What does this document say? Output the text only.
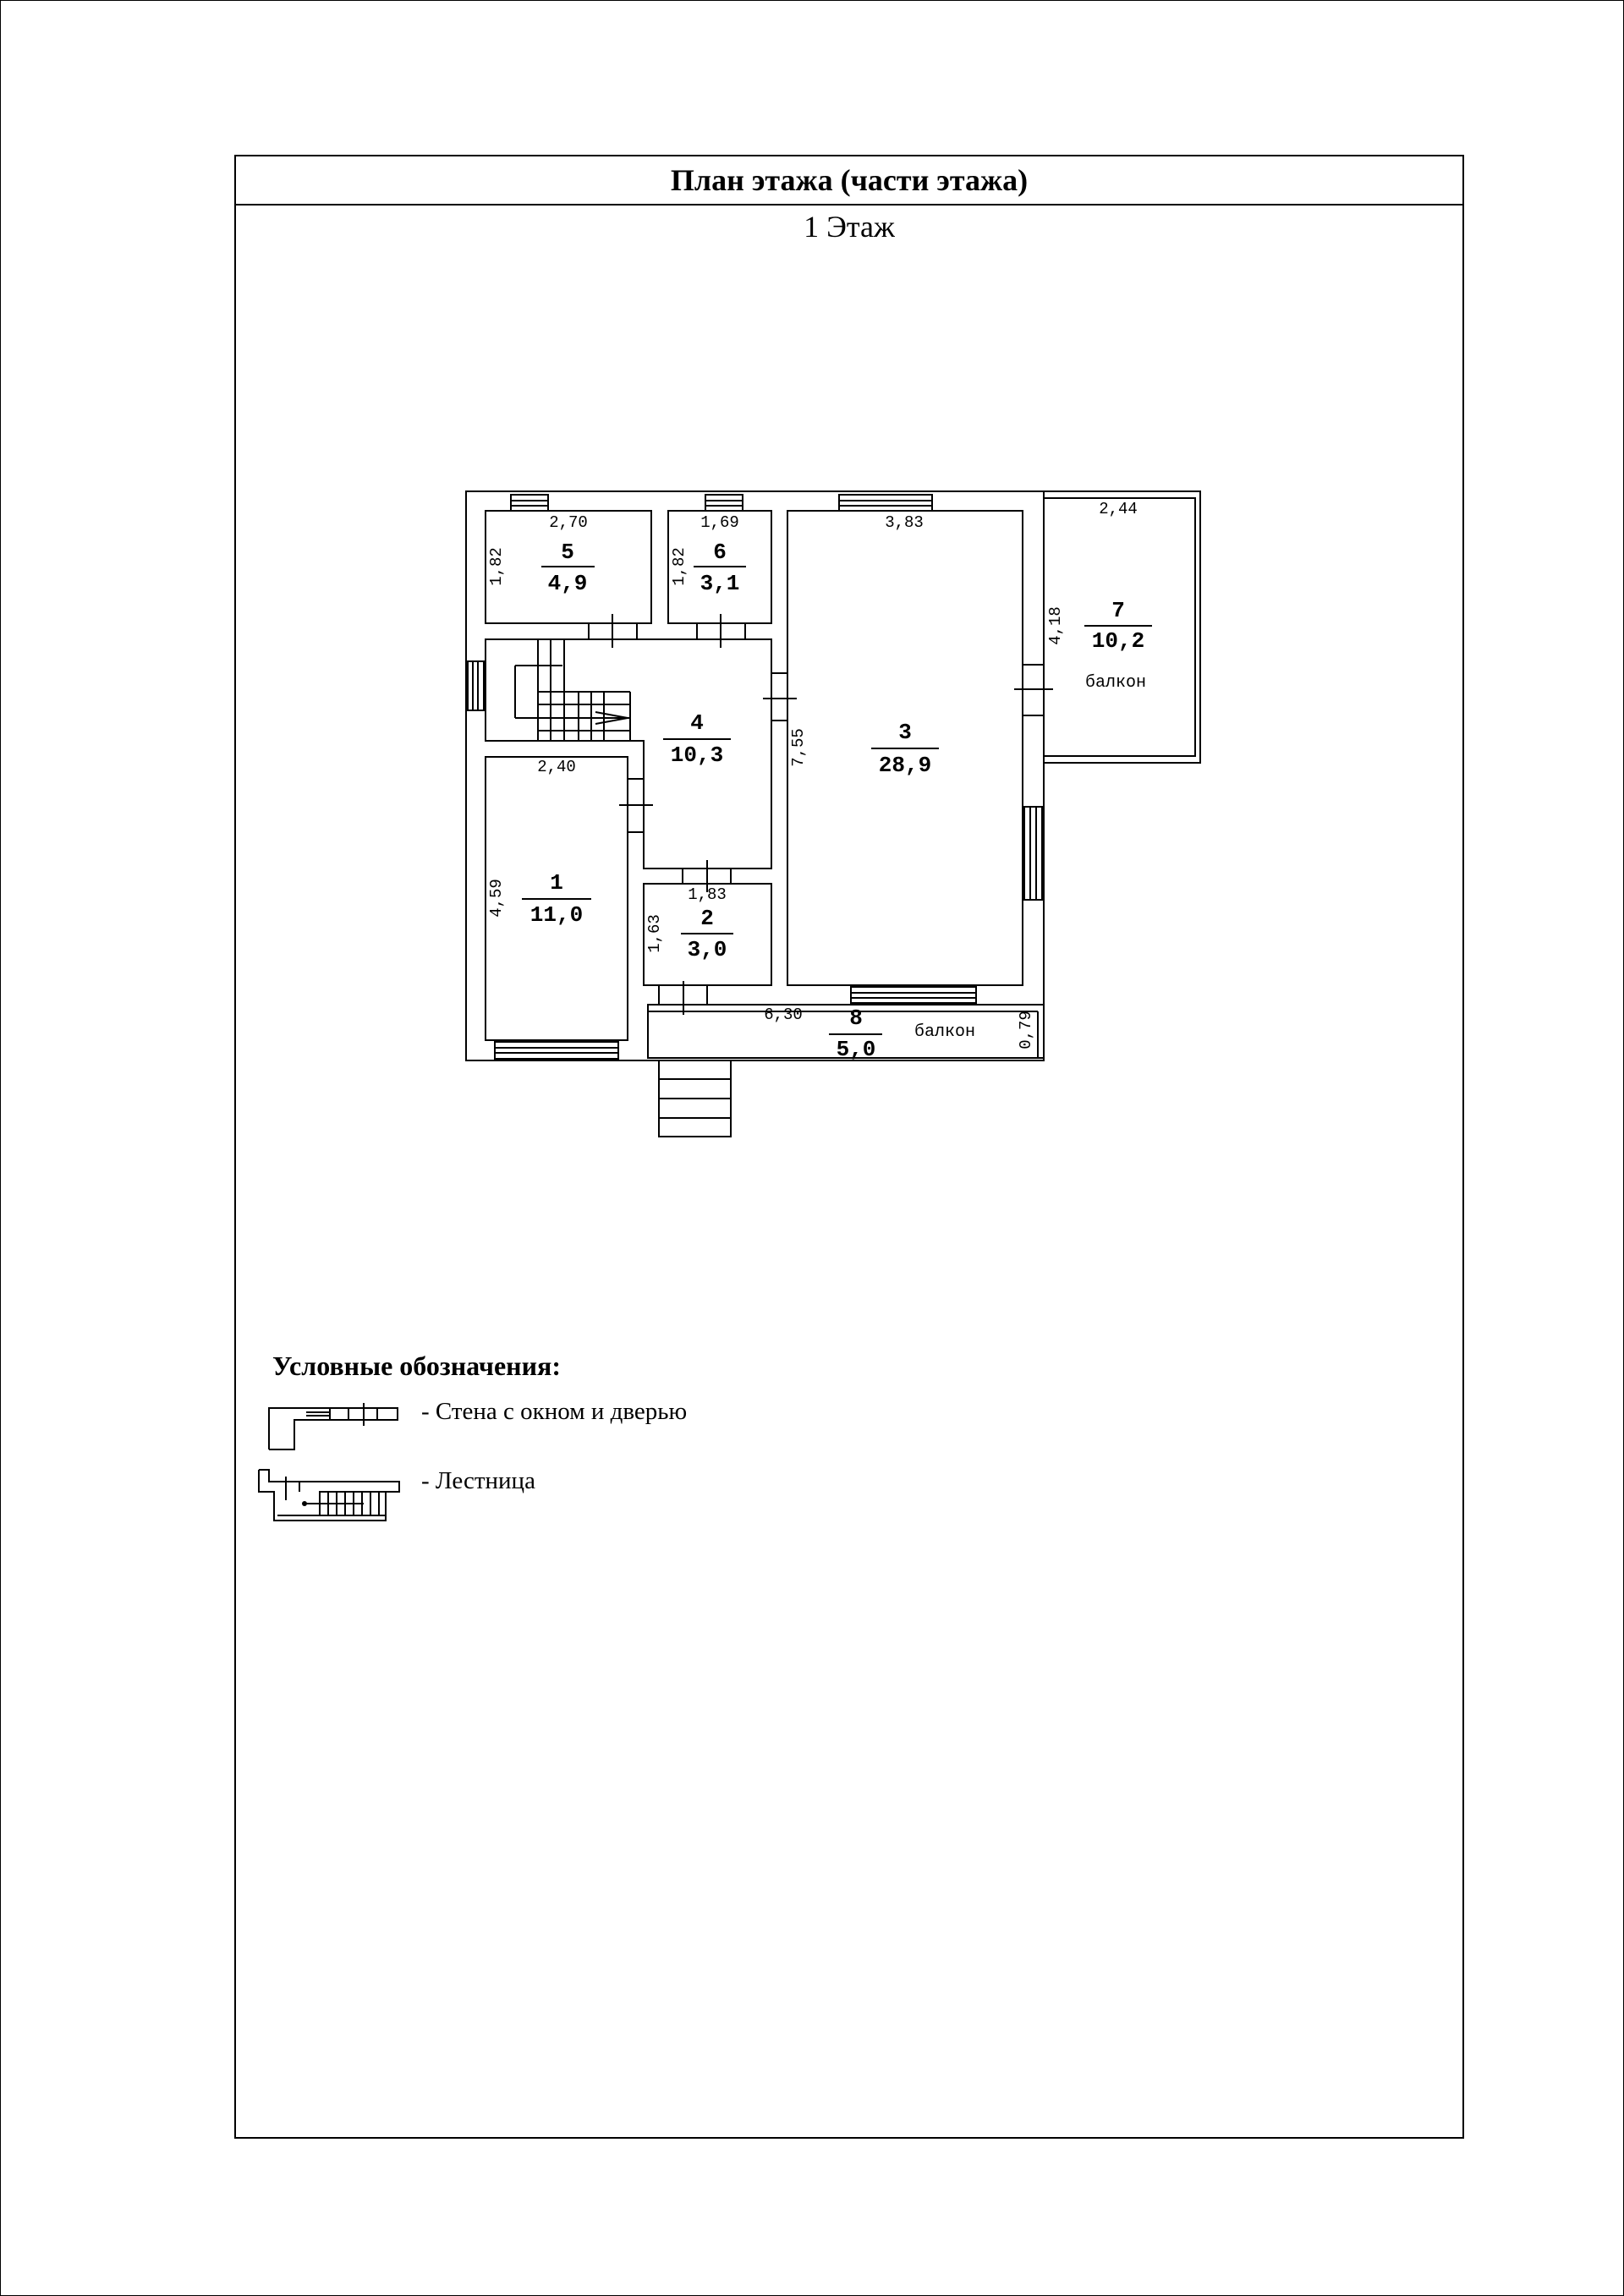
План этажа (части этажа)
1 Этаж
5
4,9
6
3,1
3
28,9
4
10,3
1
11,0	2
3,0
7
10,2
8
5,0
балкон
балкон
2,70	1,69	3,83
2,44
2,40
1,83
6,30
1,82	1,82
7,55
4,18
4,59
1,63
0,79
Условные обозначения:
- Стена с окном и дверью
- Лестница
